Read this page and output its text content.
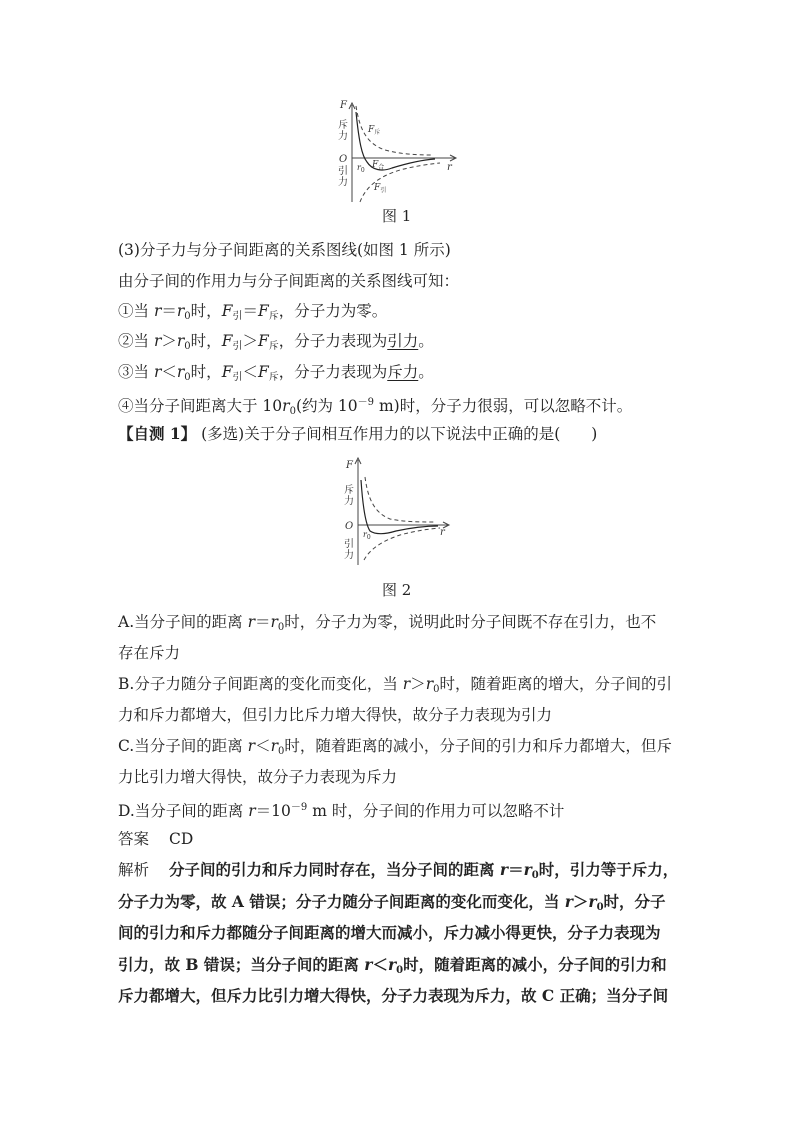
F
r
O
斥
力
引
力
$r_0$
$F_斥$
$F_合$
$F_引$
图 1
(3)分子力与分子间距离的关系图线(如图 1 所示)
由分子间的作用力与分子间距离的关系图线可知：
①当 $r=r_0$时，$F_引=F_斥$，分子力为零。
②当 $r>r_0$时，$F_引>F_斥$，分子力表现为引力。
③当 $r<r_0$时，$F_引<F_斥$，分子力表现为斥力。
④当分子间距离大于 $10r_0$(约为 $10^{-9}$ m)时，分子力很弱，可以忽略不计。
【自测 1】 (多选)关于分子间相互作用力的以下说法中正确的是(　　)
F
r
O
斥
力
引
力
$r_0$
图 2
A.当分子间的距离 $r=r_0$时，分子力为零，说明此时分子间既不存在引力，也不
存在斥力
B.分子力随分子间距离的变化而变化，当 $r>r_0$时，随着距离的增大，分子间的引
力和斥力都增大，但引力比斥力增大得快，故分子力表现为引力
C.当分子间的距离 $r<r_0$时，随着距离的减小，分子间的引力和斥力都增大，但斥
力比引力增大得快，故分子力表现为斥力
D.当分子间的距离 $r=10^{-9}$ m 时，分子间的作用力可以忽略不计
答案 CD
解析 分子间的引力和斥力同时存在，当分子间的距离 $r=r_0$时，引力等于斥力，
分子力为零，故 A 错误；分子力随分子间距离的变化而变化，当 $r>r_0$时，分子
间的引力和斥力都随分子间距离的增大而减小，斥力减小得更快，分子力表现为
引力，故 B 错误；当分子间的距离 $r<r_0$时，随着距离的减小，分子间的引力和
斥力都增大，但斥力比引力增大得快，分子力表现为斥力，故 C 正确；当分子间
